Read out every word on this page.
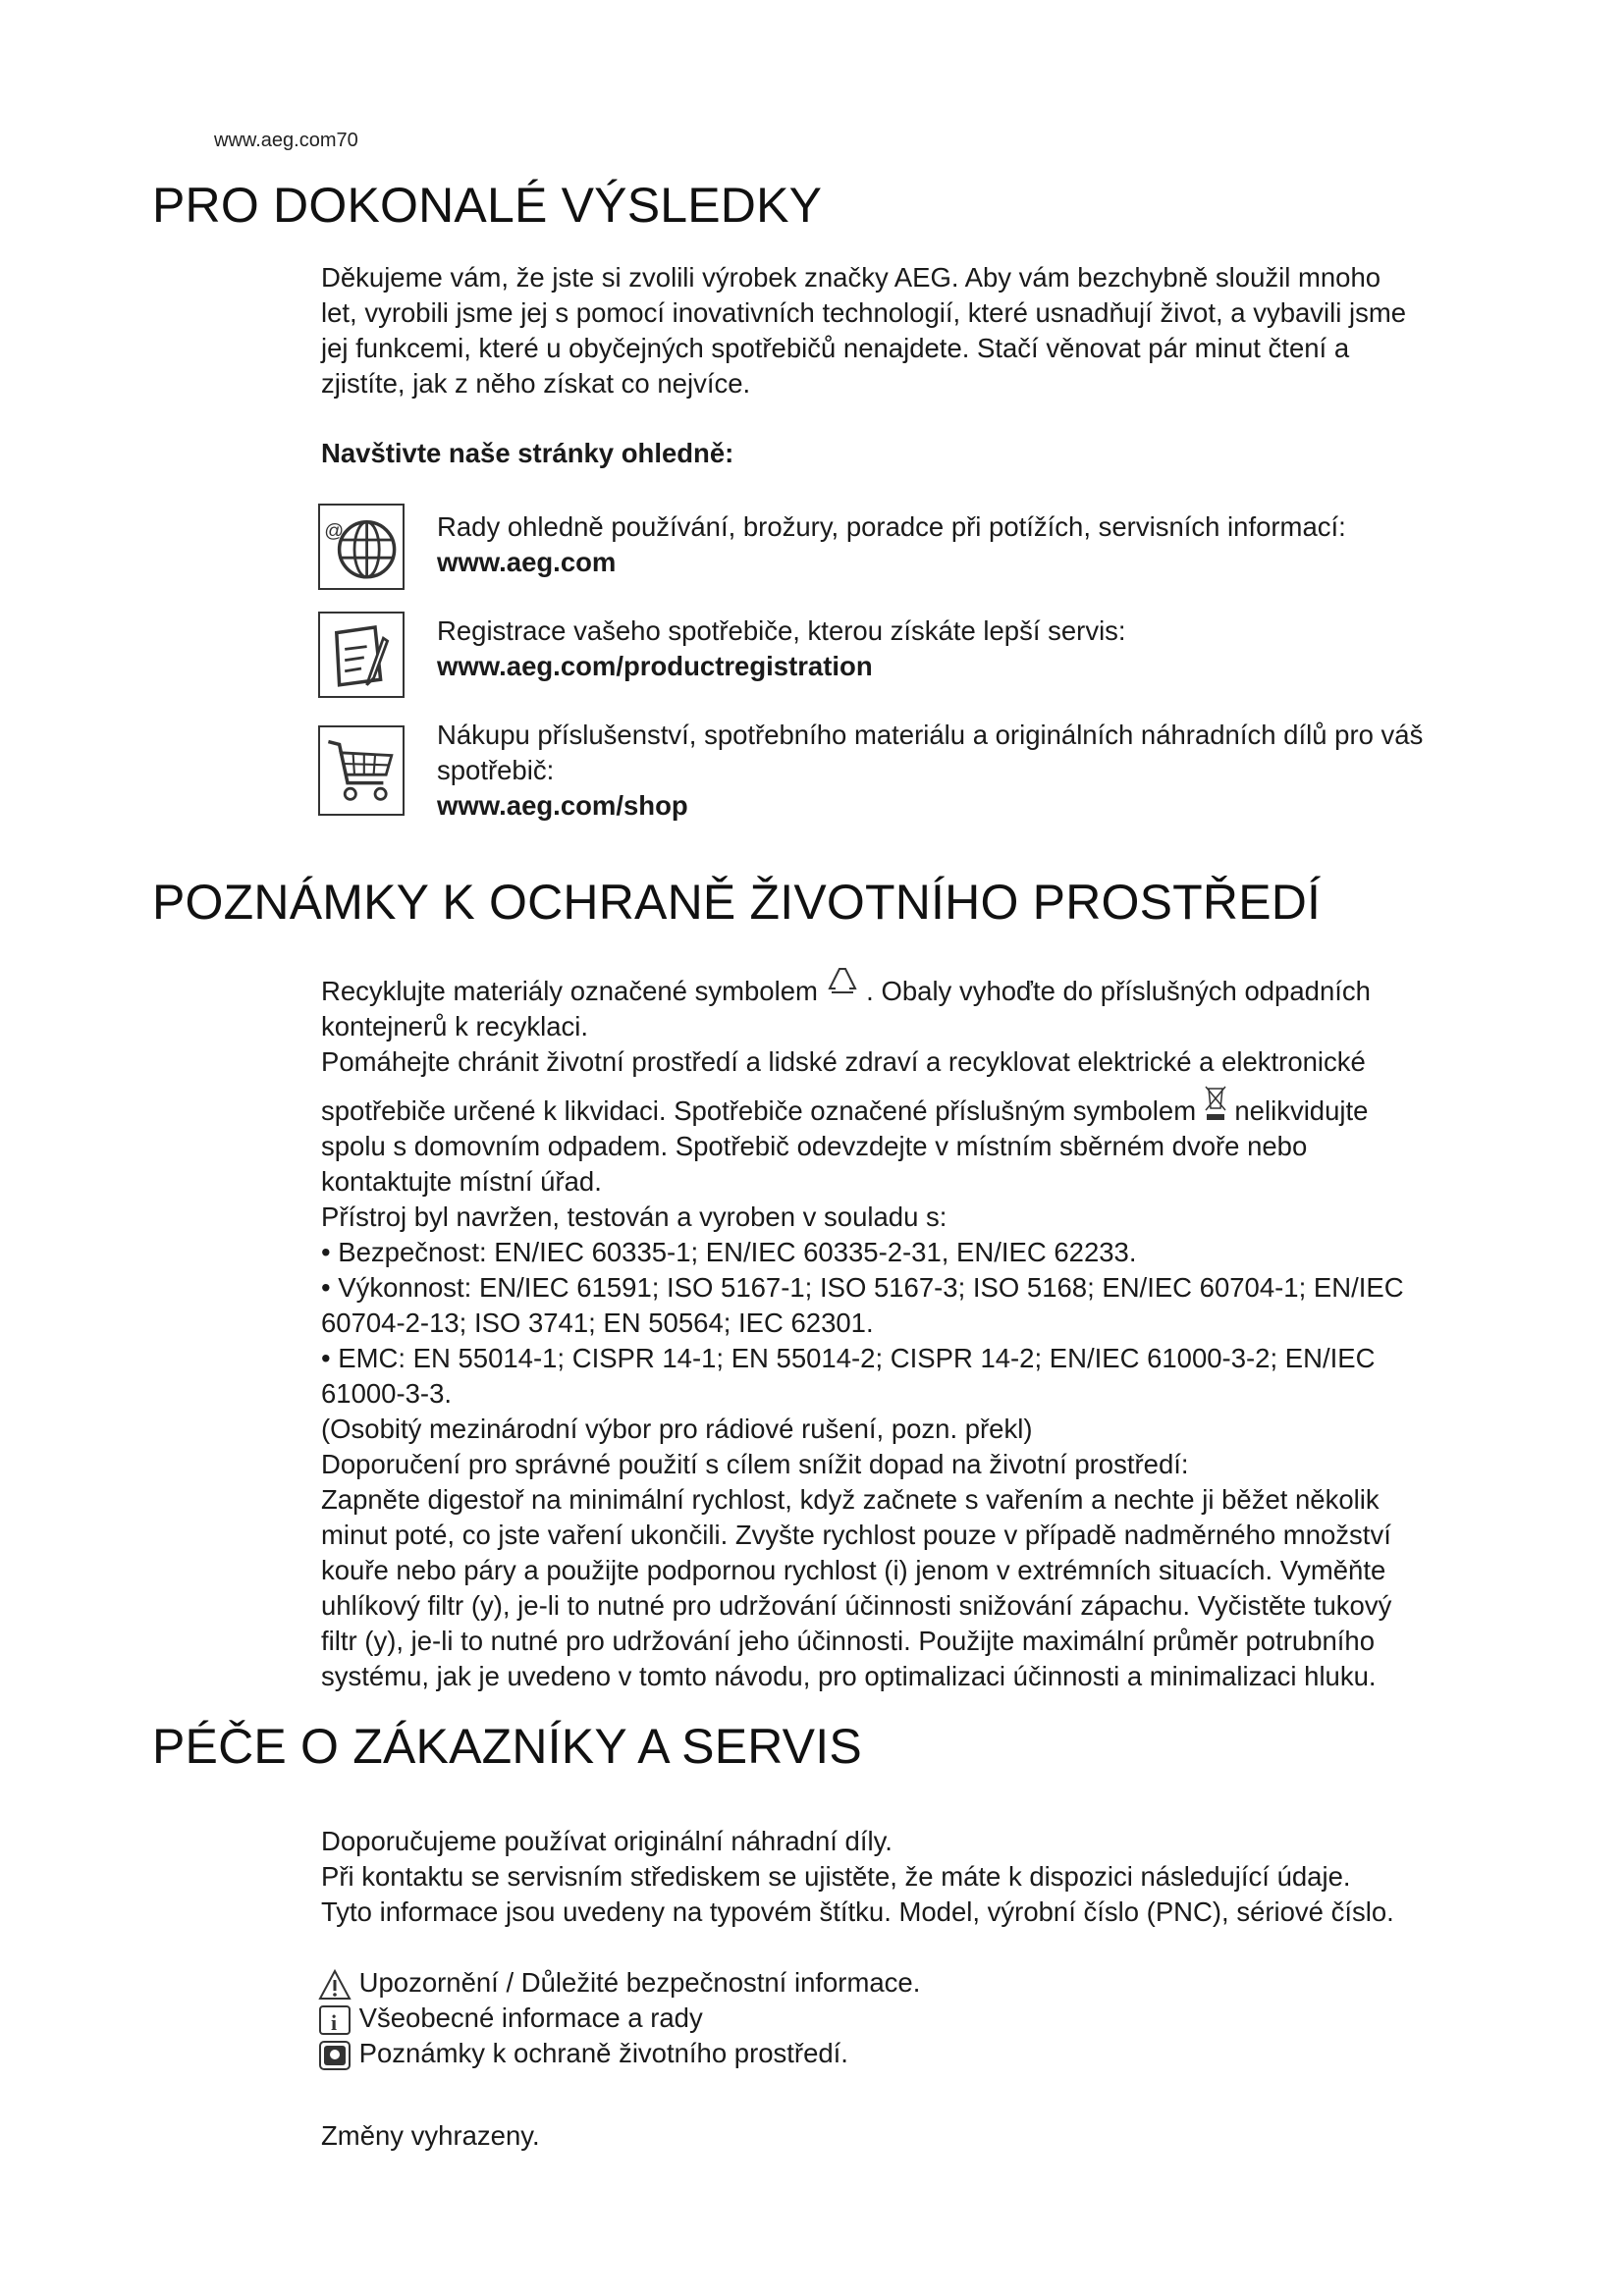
www.aeg.com70
PRO DOKONALÉ VÝSLEDKY
Děkujeme vám, že jste si zvolili výrobek značky AEG. Aby vám bezchybně sloužil mnoho
let, vyrobili jsme jej s pomocí inovativních technologií, které usnadňují život, a vybavili jsme
jej funkcemi, které u obyčejných spotřebičů nenajdete. Stačí věnovat pár minut čtení a
zjistíte, jak z něho získat co nejvíce.
Navštivte naše stránky ohledně:
@	Rady ohledně používání, brožury, poradce při potížích, servisních informací:
www.aeg.com
Registrace vašeho spotřebiče, kterou získáte lepší servis:
www.aeg.com/productregistration
Nákupu příslušenství, spotřebního materiálu a originálních náhradních dílů pro váš
spotřebič:
www.aeg.com/shop
POZNÁMKY K OCHRANĚ ŽIVOTNÍHO PROSTŘEDÍ
Recyklujte materiály označené symbolem  . Obaly vyhoďte do příslušných odpadních
kontejnerů k recyklaci.
Pomáhejte chránit životní prostředí a lidské zdraví a recyklovat elektrické a elektronické
spotřebiče určené k likvidaci. Spotřebiče označené příslušným symbolem  nelikvidujte
spolu s domovním odpadem. Spotřebič odevzdejte v místním sběrném dvoře nebo
kontaktujte místní úřad.
Přístroj byl navržen, testován a vyroben v souladu s:
• Bezpečnost: EN/IEC 60335-1; EN/IEC 60335-2-31, EN/IEC 62233.
• Výkonnost: EN/IEC 61591; ISO 5167-1; ISO 5167-3; ISO 5168; EN/IEC 60704-1; EN/IEC
60704-2-13; ISO 3741; EN 50564; IEC 62301.
• EMC: EN 55014-1; CISPR 14-1; EN 55014-2; CISPR 14-2; EN/IEC 61000-3-2; EN/IEC
61000-3-3.
(Osobitý mezinárodní výbor pro rádiové rušení, pozn. překl)
Doporučení pro správné použití s cílem snížit dopad na životní prostředí:
Zapněte digestoř na minimální rychlost, když začnete s vařením a nechte ji běžet několik
minut poté, co jste vaření ukončili. Zvyšte rychlost pouze v případě nadměrného množství
kouře nebo páry a použijte podpornou rychlost (i) jenom v extrémních situacích. Vyměňte
uhlíkový filtr (y), je-li to nutné pro udržování účinnosti snižování zápachu. Vyčistěte tukový
filtr (y), je-li to nutné pro udržování jeho účinnosti. Použijte maximální průměr potrubního
systému, jak je uvedeno v tomto návodu, pro optimalizaci účinnosti a minimalizaci hluku.
PÉČE O ZÁKAZNÍKY A SERVIS
Doporučujeme používat originální náhradní díly.
Při kontaktu se servisním střediskem se ujistěte, že máte k dispozici následující údaje.
Tyto informace jsou uvedeny na typovém štítku. Model, výrobní číslo (PNC), sériové číslo.
Upozornění / Důležité bezpečnostní informace.
i Všeobecné informace a rady
Poznámky k ochraně životního prostředí.
Změny vyhrazeny.
